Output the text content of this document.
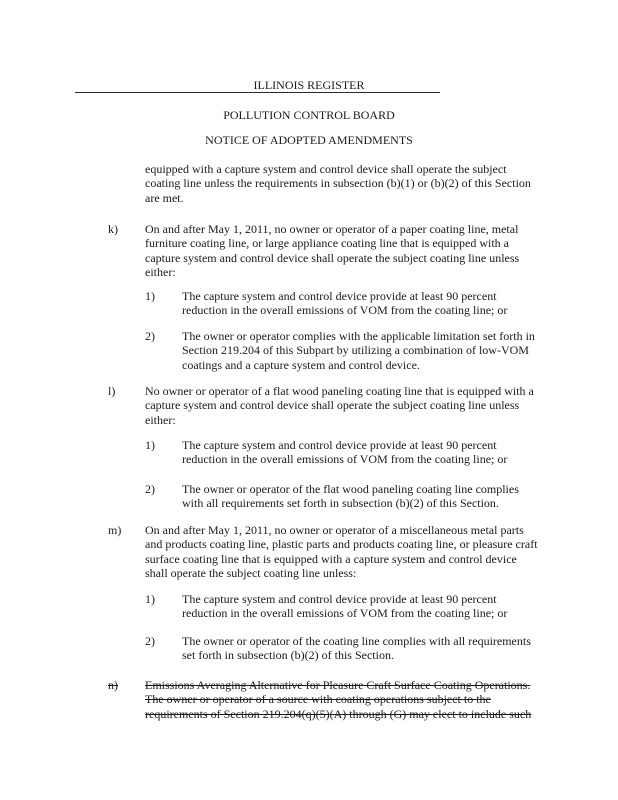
ILLINOIS REGISTER
POLLUTION CONTROL BOARD
NOTICE OF ADOPTED AMENDMENTS
equipped with a capture system and control device shall operate the subject
coating line unless the requirements in subsection (b)(1) or (b)(2) of this Section
are met.
k) On and after May 1, 2011, no owner or operator of a paper coating line, metal
furniture coating line, or large appliance coating line that is equipped with a
capture system and control device shall operate the subject coating line unless
either:
1) The capture system and control device provide at least 90 percent
reduction in the overall emissions of VOM from the coating line; or
2) The owner or operator complies with the applicable limitation set forth in
Section 219.204 of this Subpart by utilizing a combination of low-VOM
coatings and a capture system and control device.
l) No owner or operator of a flat wood paneling coating line that is equipped with a
capture system and control device shall operate the subject coating line unless
either:
1) The capture system and control device provide at least 90 percent
reduction in the overall emissions of VOM from the coating line; or
2) The owner or operator of the flat wood paneling coating line complies
with all requirements set forth in subsection (b)(2) of this Section.
m) On and after May 1, 2011, no owner or operator of a miscellaneous metal parts
and products coating line, plastic parts and products coating line, or pleasure craft
surface coating line that is equipped with a capture system and control device
shall operate the subject coating line unless:
1) The capture system and control device provide at least 90 percent
reduction in the overall emissions of VOM from the coating line; or
2) The owner or operator of the coating line complies with all requirements
set forth in subsection (b)(2) of this Section.
n) Emissions Averaging Alternative for Pleasure Craft Surface Coating Operations.
The owner or operator of a source with coating operations subject to the
requirements of Section 219.204(q)(5)(A) through (G) may elect to include such
